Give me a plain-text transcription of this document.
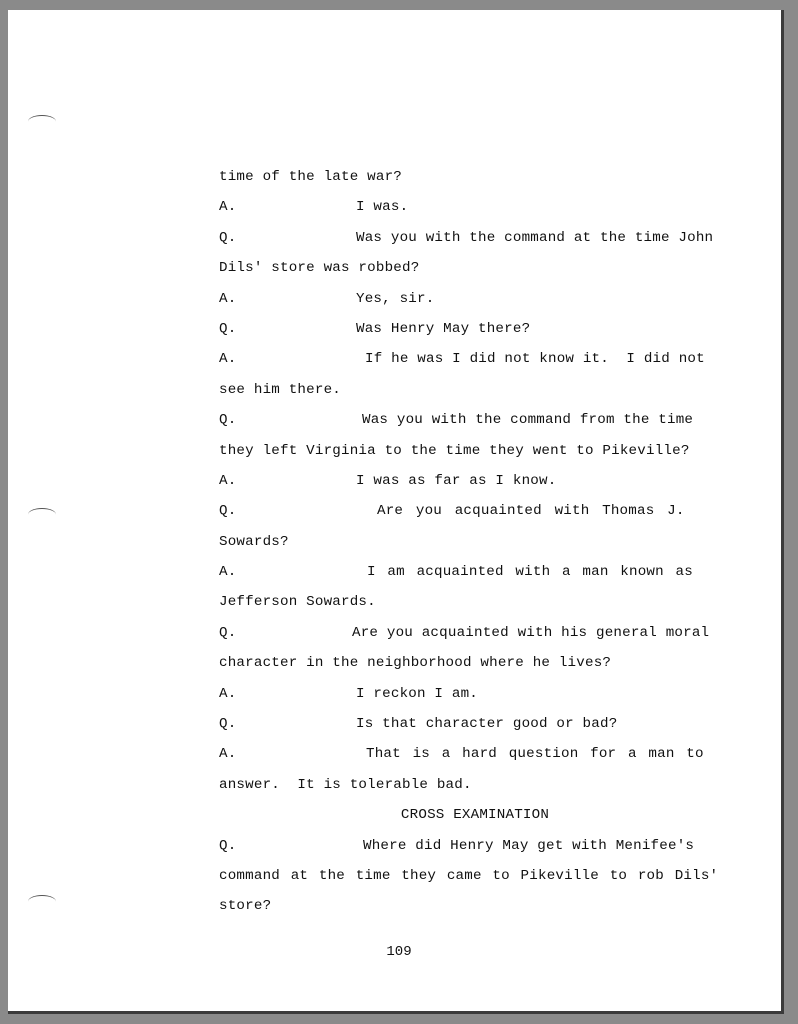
time of the late war?
A.	I was.
Q.	Was you with the command at the time John
Dils' store was robbed?
A.	Yes, sir.
Q.	Was Henry May there?
A.	If he was I did not know it.  I did not
see him there.
Q.	Was you with the command from the time
they left Virginia to the time they went to Pikeville?
A.	I was as far as I know.
Q.	Are you acquainted with Thomas J.
Sowards?
A.	I am acquainted with a man known as
Jefferson Sowards.
Q.	Are you acquainted with his general moral
character in the neighborhood where he lives?
A.	I reckon I am.
Q.	Is that character good or bad?
A.	That is a hard question for a man to
answer.  It is tolerable bad.
CROSS EXAMINATION
Q.	Where did Henry May get with Menifee's
command at the time they came to Pikeville to rob Dils'
store?
109
